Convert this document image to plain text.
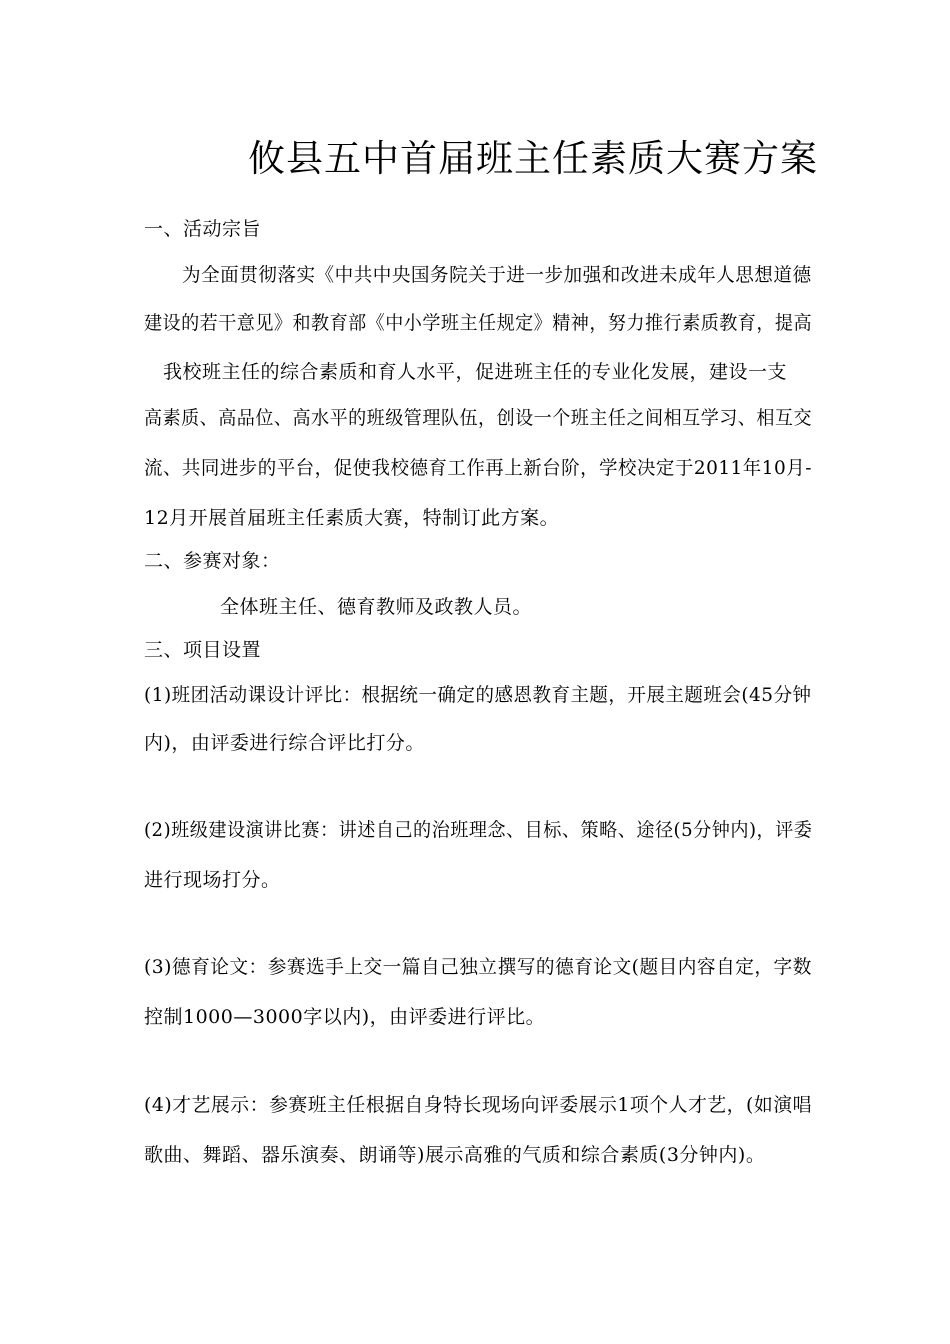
攸县五中首届班主任素质大赛方案
一、活动宗旨
为全面贯彻落实《中共中央国务院关于进一步加强和改进未成年人思想道德
建设的若干意见》和教育部《中小学班主任规定》精神，努力推行素质教育，提高
我校班主任的综合素质和育人水平，促进班主任的专业化发展，建设一支
高素质、高品位、高水平的班级管理队伍，创设一个班主任之间相互学习、相互交
流、共同进步的平台，促使我校德育工作再上新台阶，学校决定于2011年10月-
12月开展首届班主任素质大赛，特制订此方案。
二、参赛对象：
全体班主任、德育教师及政教人员。
三、项目设置
(1)班团活动课设计评比：根据统一确定的感恩教育主题，开展主题班会(45分钟
内)，由评委进行综合评比打分。
(2)班级建设演讲比赛：讲述自己的治班理念、目标、策略、途径(5分钟内)，评委
进行现场打分。
(3)德育论文：参赛选手上交一篇自己独立撰写的德育论文(题目内容自定，字数
控制1000—3000字以内)，由评委进行评比。
(4)才艺展示：参赛班主任根据自身特长现场向评委展示1项个人才艺，(如演唱
歌曲、舞蹈、器乐演奏、朗诵等)展示高雅的气质和综合素质(3分钟内)。
